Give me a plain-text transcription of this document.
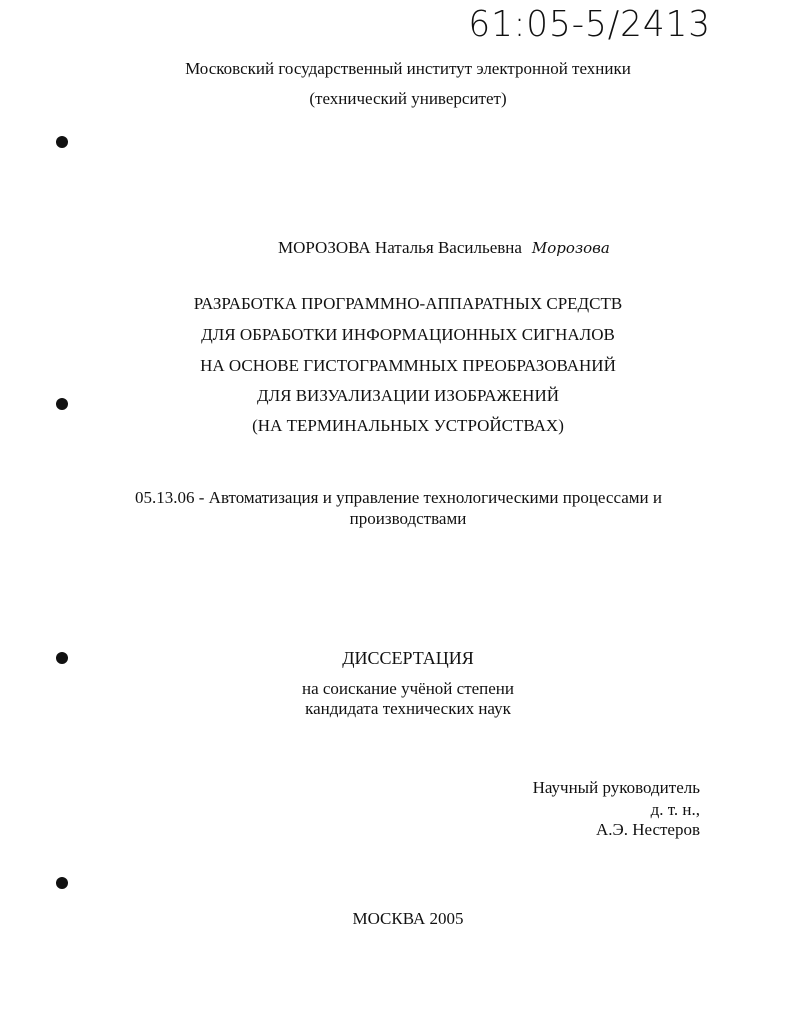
61:05-5/2413
Московский государственный институт электронной техники
(технический университет)
МОРОЗОВА Наталья Васильевна Морозова
РАЗРАБОТКА ПРОГРАММНО-АППАРАТНЫХ СРЕДСТВ
ДЛЯ ОБРАБОТКИ ИНФОРМАЦИОННЫХ СИГНАЛОВ
НА ОСНОВЕ ГИСТОГРАММНЫХ ПРЕОБРАЗОВАНИЙ
ДЛЯ ВИЗУАЛИЗАЦИИ ИЗОБРАЖЕНИЙ
(НА ТЕРМИНАЛЬНЫХ УСТРОЙСТВАХ)
05.13.06 - Автоматизация и управление технологическими процессами и
производствами
ДИССЕРТАЦИЯ
на соискание учёной степени
кандидата технических наук
Научный руководитель
д. т. н.,
А.Э. Нестеров
МОСКВА 2005
